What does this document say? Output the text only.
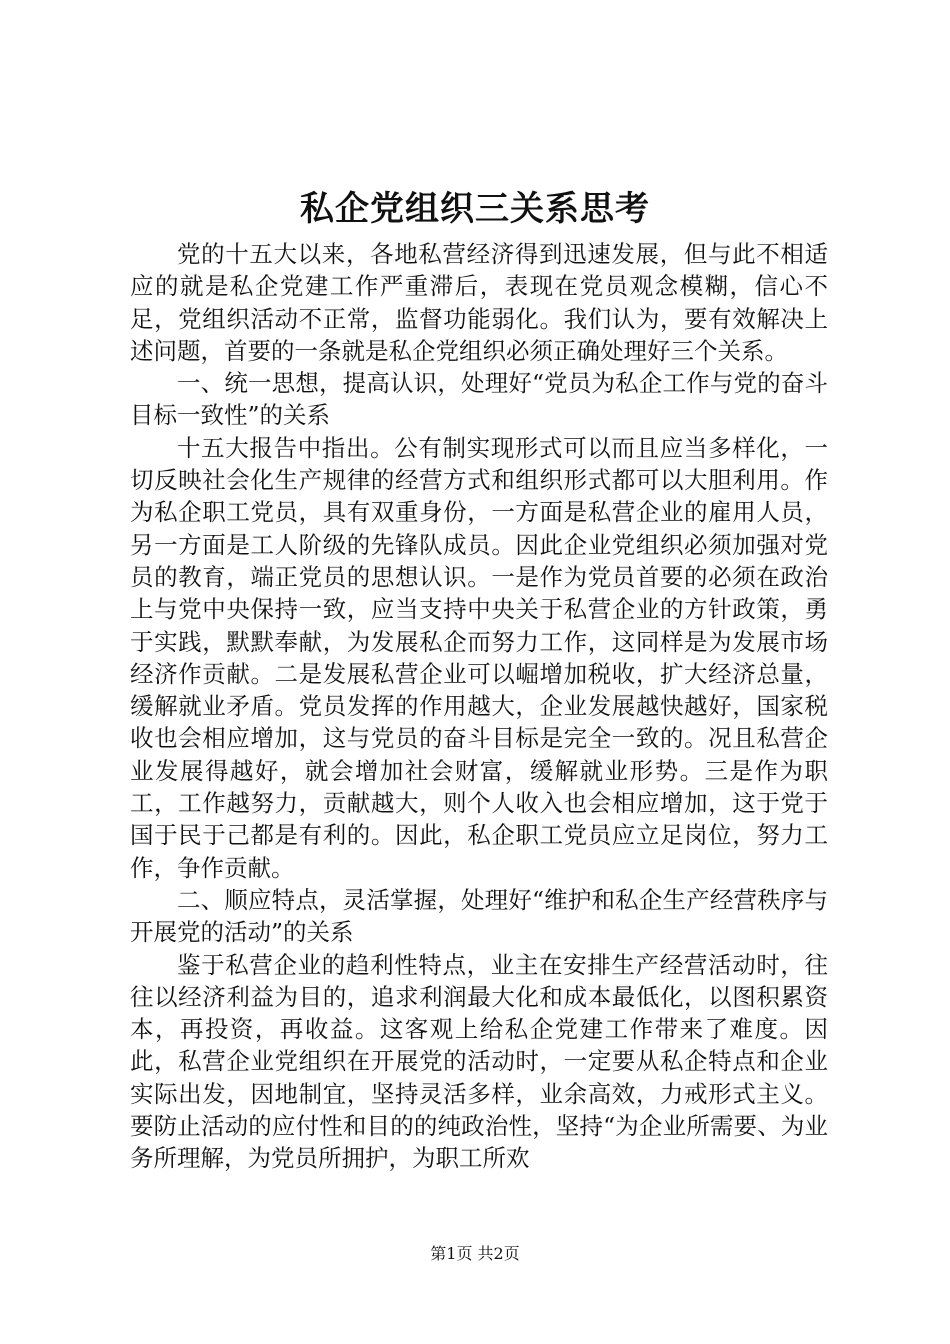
私企党组织三关系思考

党的十五大以来，各地私营经济得到迅速发展，但与此不相适应的就是私企党建工作严重滞后，表现在党员观念模糊，信心不足，党组织活动不正常，监督功能弱化。我们认为，要有效解决上述问题，首要的一条就是私企党组织必须正确处理好三个关系。

一、统一思想，提高认识，处理好“党员为私企工作与党的奋斗目标一致性”的关系

十五大报告中指出。公有制实现形式可以而且应当多样化，一切反映社会化生产规律的经营方式和组织形式都可以大胆利用。作为私企职工党员，具有双重身份，一方面是私营企业的雇用人员，另一方面是工人阶级的先锋队成员。因此企业党组织必须加强对党员的教育，端正党员的思想认识。一是作为党员首要的必须在政治上与党中央保持一致，应当支持中央关于私营企业的方针政策，勇于实践，默默奉献，为发展私企而努力工作，这同样是为发展市场经济作贡献。二是发展私营企业可以崛增加税收，扩大经济总量，缓解就业矛盾。党员发挥的作用越大，企业发展越快越好，国家税收也会相应增加，这与党员的奋斗目标是完全一致的。况且私营企业发展得越好，就会增加社会财富，缓解就业形势。三是作为职工，工作越努力，贡献越大，则个人收入也会相应增加，这于党于国于民于己都是有利的。因此，私企职工党员应立足岗位，努力工作，争作贡献。

二、顺应特点，灵活掌握，处理好“维护和私企生产经营秩序与开展党的活动”的关系

鉴于私营企业的趋利性特点，业主在安排生产经营活动时，往往以经济利益为目的，追求利润最大化和成本最低化，以图积累资本，再投资，再收益。这客观上给私企党建工作带来了难度。因此，私营企业党组织在开展党的活动时，一定要从私企特点和企业实际出发，因地制宜，坚持灵活多样，业余高效，力戒形式主义。要防止活动的应付性和目的的纯政治性，坚持“为企业所需要、为业务所理解，为党员所拥护，为职工所欢

第1页 共2页
